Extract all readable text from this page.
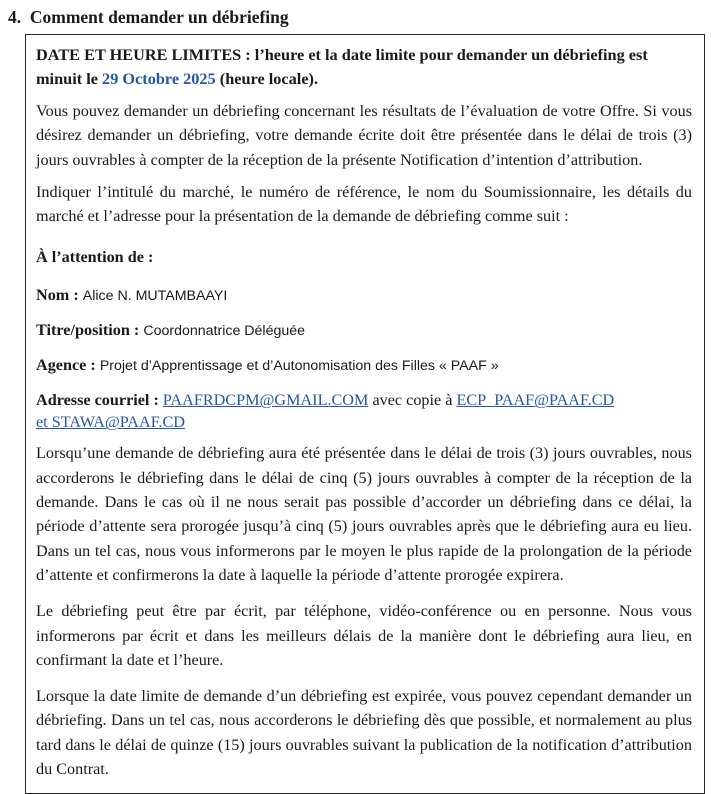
4. Comment demander un débriefing

DATE ET HEURE LIMITES : l’heure et la date limite pour demander un débriefing est minuit le 29 Octobre 2025 (heure locale).

Vous pouvez demander un débriefing concernant les résultats de l’évaluation de votre Offre. Si vous désirez demander un débriefing, votre demande écrite doit être présentée dans le délai de trois (3) jours ouvrables à compter de la réception de la présente Notification d’intention d’attribution.

Indiquer l’intitulé du marché, le numéro de référence, le nom du Soumissionnaire, les détails du marché et l’adresse pour la présentation de la demande de débriefing comme suit :

À l’attention de :

Nom : Alice N. MUTAMBAAYI

Titre/position : Coordonnatrice Déléguée

Agence : Projet d’Apprentissage et d’Autonomisation des Filles « PAAF »

Adresse courriel : PAAFRDCPM@GMAIL.COM avec copie à ECP_PAAF@PAAF.CD
et STAWA@PAAF.CD

Lorsqu’une demande de débriefing aura été présentée dans le délai de trois (3) jours ouvrables, nous accorderons le débriefing dans le délai de cinq (5) jours ouvrables à compter de la réception de la demande. Dans le cas où il ne nous serait pas possible d’accorder un débriefing dans ce délai, la période d’attente sera prorogée jusqu’à cinq (5) jours ouvrables après que le débriefing aura eu lieu. Dans un tel cas, nous vous informerons par le moyen le plus rapide de la prolongation de la période d’attente et confirmerons la date à laquelle la période d’attente prorogée expirera.

Le débriefing peut être par écrit, par téléphone, vidéo-conférence ou en personne. Nous vous informerons par écrit et dans les meilleurs délais de la manière dont le débriefing aura lieu, en confirmant la date et l’heure.

Lorsque la date limite de demande d’un débriefing est expirée, vous pouvez cependant demander un débriefing. Dans un tel cas, nous accorderons le débriefing dès que possible, et normalement au plus tard dans le délai de quinze (15) jours ouvrables suivant la publication de la notification d’attribution du Contrat.
